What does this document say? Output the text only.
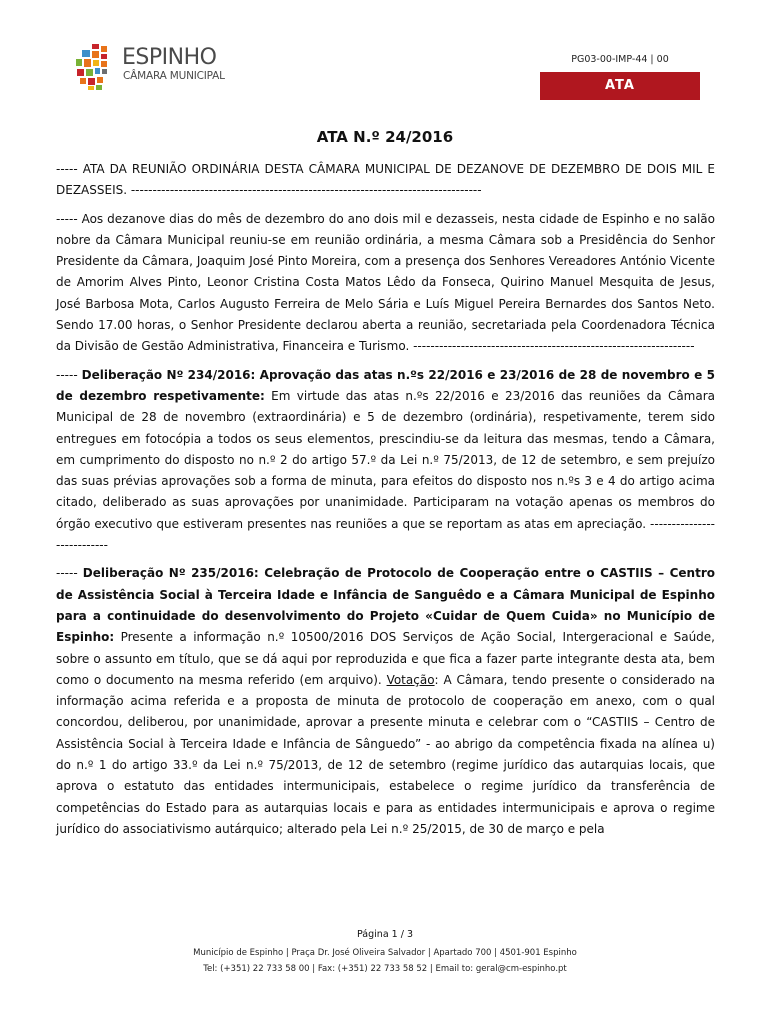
ESPINHO
CÂMARA MUNICIPAL
PG03-00-IMP-44 | 00
ATA
ATA N.º 24/2016

----- ATA DA REUNIÃO ORDINÁRIA DESTA CÂMARA MUNICIPAL DE DEZANOVE DE DEZEMBRO DE DOIS MIL E DEZASSEIS. ---------------------------------------------------------------------------------

----- Aos dezanove dias do mês de dezembro do ano dois mil e dezasseis, nesta cidade de Espinho e no salão nobre da Câmara Municipal reuniu-se em reunião ordinária, a mesma Câmara sob a Presidência do Senhor Presidente da Câmara, Joaquim José Pinto Moreira, com a presença dos Senhores Vereadores António Vicente de Amorim Alves Pinto, Leonor Cristina Costa Matos Lêdo da Fonseca, Quirino Manuel Mesquita de Jesus, José Barbosa Mota, Carlos Augusto Ferreira de Melo Sária e Luís Miguel Pereira Bernardes dos Santos Neto. Sendo 17.00 horas, o Senhor Presidente declarou aberta a reunião, secretariada pela Coordenadora Técnica da Divisão de Gestão Administrativa, Financeira e Turismo. -----------------------------------------------------------------

----- Deliberação Nº 234/2016: Aprovação das atas n.ºs 22/2016 e 23/2016 de 28 de novembro e 5 de dezembro respetivamente: Em virtude das atas n.ºs 22/2016 e 23/2016 das reuniões da Câmara Municipal de 28 de novembro (extraordinária) e 5 de dezembro (ordinária), respetivamente, terem sido entregues em fotocópia a todos os seus elementos, prescindiu-se da leitura das mesmas, tendo a Câmara, em cumprimento do disposto no n.º 2 do artigo 57.º da Lei n.º 75/2013, de 12 de setembro, e sem prejuízo das suas prévias aprovações sob a forma de minuta, para efeitos do disposto nos n.ºs 3 e 4 do artigo acima citado, deliberado as suas aprovações por unanimidade. Participaram na votação apenas os membros do órgão executivo que estiveram presentes nas reuniões a que se reportam as atas em apreciação. ---------------------------

----- Deliberação Nº 235/2016: Celebração de Protocolo de Cooperação entre o CASTIIS – Centro de Assistência Social à Terceira Idade e Infância de Sanguêdo e a Câmara Municipal de Espinho para a continuidade do desenvolvimento do Projeto «Cuidar de Quem Cuida» no Município de Espinho: Presente a informação n.º 10500/2016 DOS Serviços de Ação Social, Intergeracional e Saúde, sobre o assunto em título, que se dá aqui por reproduzida e que fica a fazer parte integrante desta ata, bem como o documento na mesma referido (em arquivo). Votação: A Câmara, tendo presente o considerado na informação acima referida e a proposta de minuta de protocolo de cooperação em anexo, com o qual concordou, deliberou, por unanimidade, aprovar a presente minuta e celebrar com o “CASTIIS – Centro de Assistência Social à Terceira Idade e Infância de Sânguedo” - ao abrigo da competência fixada na alínea u) do n.º 1 do artigo 33.º da Lei n.º 75/2013, de 12 de setembro (regime jurídico das autarquias locais, que aprova o estatuto das entidades intermunicipais, estabelece o regime jurídico da transferência de competências do Estado para as autarquias locais e para as entidades intermunicipais e aprova o regime jurídico do associativismo autárquico; alterado pela Lei n.º 25/2015, de 30 de março e pela

Página 1 / 3
Município de Espinho | Praça Dr. José Oliveira Salvador | Apartado 700 | 4501-901 Espinho
Tel: (+351) 22 733 58 00 | Fax: (+351) 22 733 58 52 | Email to: geral@cm-espinho.pt
